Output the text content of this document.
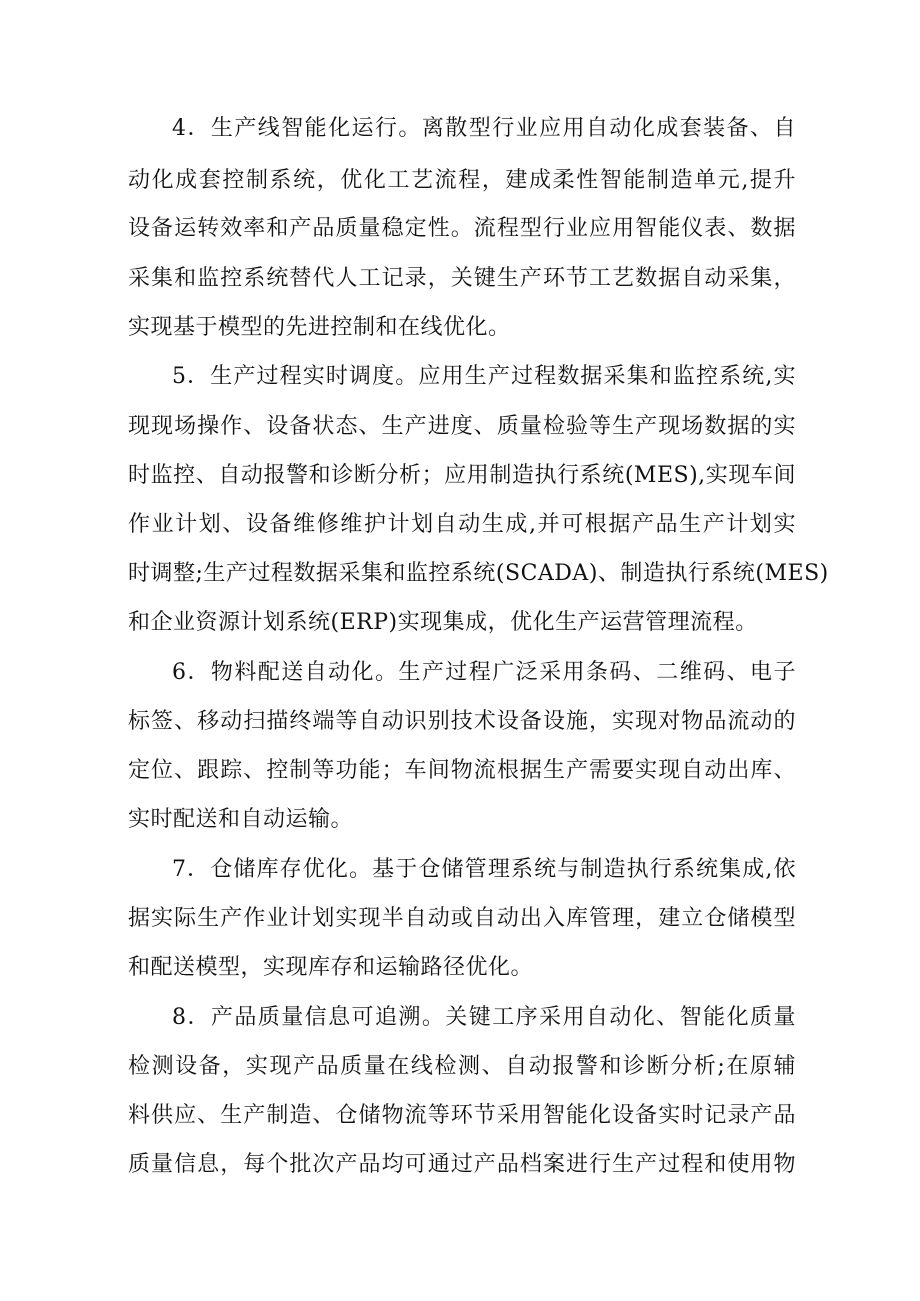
4．生产线智能化运行。离散型行业应用自动化成套装备、自
动化成套控制系统，优化工艺流程，建成柔性智能制造单元,提升
设备运转效率和产品质量稳定性。流程型行业应用智能仪表、数据
采集和监控系统替代人工记录，关键生产环节工艺数据自动采集，
实现基于模型的先进控制和在线优化。
5．生产过程实时调度。应用生产过程数据采集和监控系统,实
现现场操作、设备状态、生产进度、质量检验等生产现场数据的实
时监控、自动报警和诊断分析；应用制造执行系统(MES),实现车间
作业计划、设备维修维护计划自动生成,并可根据产品生产计划实
时调整;生产过程数据采集和监控系统(SCADA)、制造执行系统(MES)
和企业资源计划系统(ERP)实现集成，优化生产运营管理流程。
6．物料配送自动化。生产过程广泛采用条码、二维码、电子
标签、移动扫描终端等自动识别技术设备设施，实现对物品流动的
定位、跟踪、控制等功能；车间物流根据生产需要实现自动出库、
实时配送和自动运输。
7．仓储库存优化。基于仓储管理系统与制造执行系统集成,依
据实际生产作业计划实现半自动或自动出入库管理，建立仓储模型
和配送模型，实现库存和运输路径优化。
8．产品质量信息可追溯。关键工序采用自动化、智能化质量
检测设备，实现产品质量在线检测、自动报警和诊断分析;在原辅
料供应、生产制造、仓储物流等环节采用智能化设备实时记录产品
质量信息，每个批次产品均可通过产品档案进行生产过程和使用物
